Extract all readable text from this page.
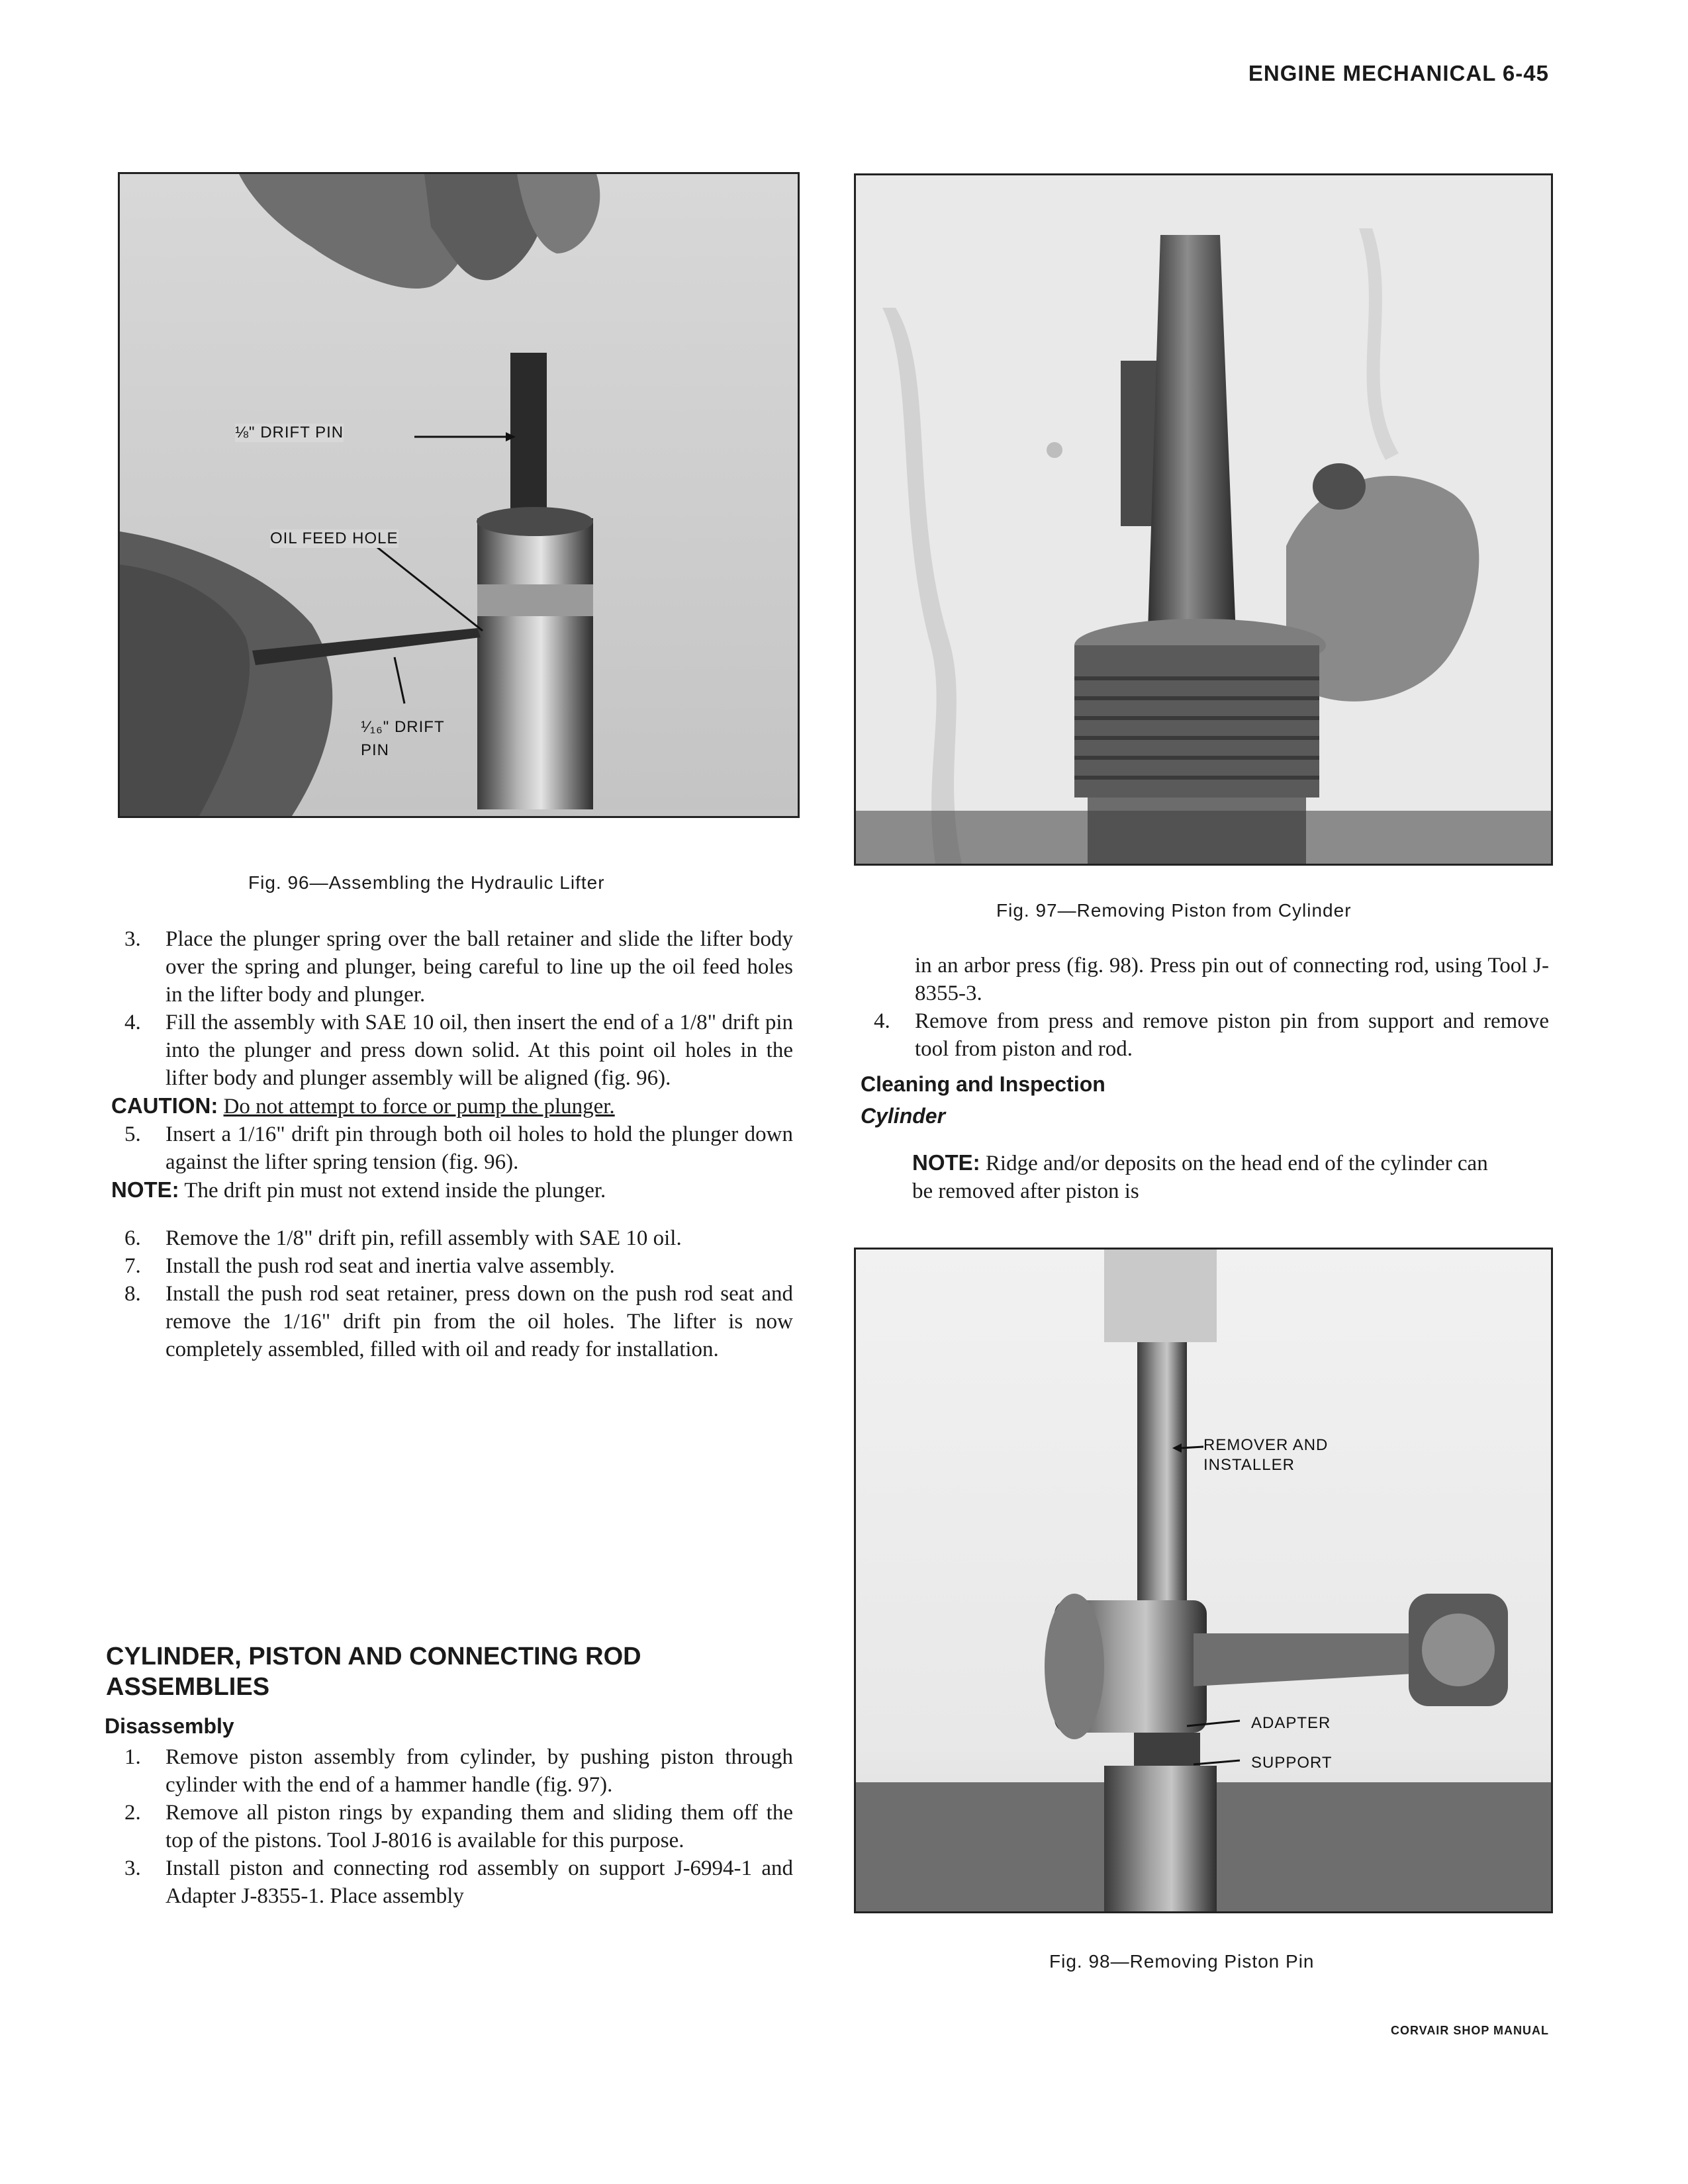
ENGINE MECHANICAL 6-45
⅛" DRIFT PIN
OIL FEED HOLE
¹⁄₁₆" DRIFT
PIN
Fig. 96—Assembling the Hydraulic Lifter
Fig. 97—Removing Piston from Cylinder
REMOVER AND
INSTALLER
ADAPTER
SUPPORT
Fig. 98—Removing Piston Pin
3. Place the plunger spring over the ball retainer and slide the lifter body over the spring and plunger, being careful to line up the oil feed holes in the lifter body and plunger.
4. Fill the assembly with SAE 10 oil, then insert the end of a 1/8" drift pin into the plunger and press down solid. At this point oil holes in the lifter body and plunger assembly will be aligned (fig. 96).

CAUTION: Do not attempt to force or pump the plunger.

5. Insert a 1/16" drift pin through both oil holes to hold the plunger down against the lifter spring tension (fig. 96).

NOTE: The drift pin must not extend inside the plunger.

6. Remove the 1/8" drift pin, refill assembly with SAE 10 oil.
7. Install the push rod seat and inertia valve assembly.
8. Install the push rod seat retainer, press down on the push rod seat and remove the 1/16" drift pin from the oil holes. The lifter is now completely assembled, filled with oil and ready for installation.
CYLINDER, PISTON AND CONNECTING ROD
ASSEMBLIES
Disassembly
1. Remove piston assembly from cylinder, by pushing piston through cylinder with the end of a hammer handle (fig. 97).
2. Remove all piston rings by expanding them and sliding them off the top of the pistons. Tool J-8016 is available for this purpose.
3. Install piston and connecting rod assembly on support J-6994-1 and Adapter J-8355-1. Place assembly

in an arbor press (fig. 98). Press pin out of connecting rod, using Tool J-8355-3.

4. Remove from press and remove piston pin from support and remove tool from piston and rod.
Cleaning and Inspection
Cylinder

NOTE: Ridge and/or deposits on the head end of the cylinder can be removed after piston is

CORVAIR SHOP MANUAL
